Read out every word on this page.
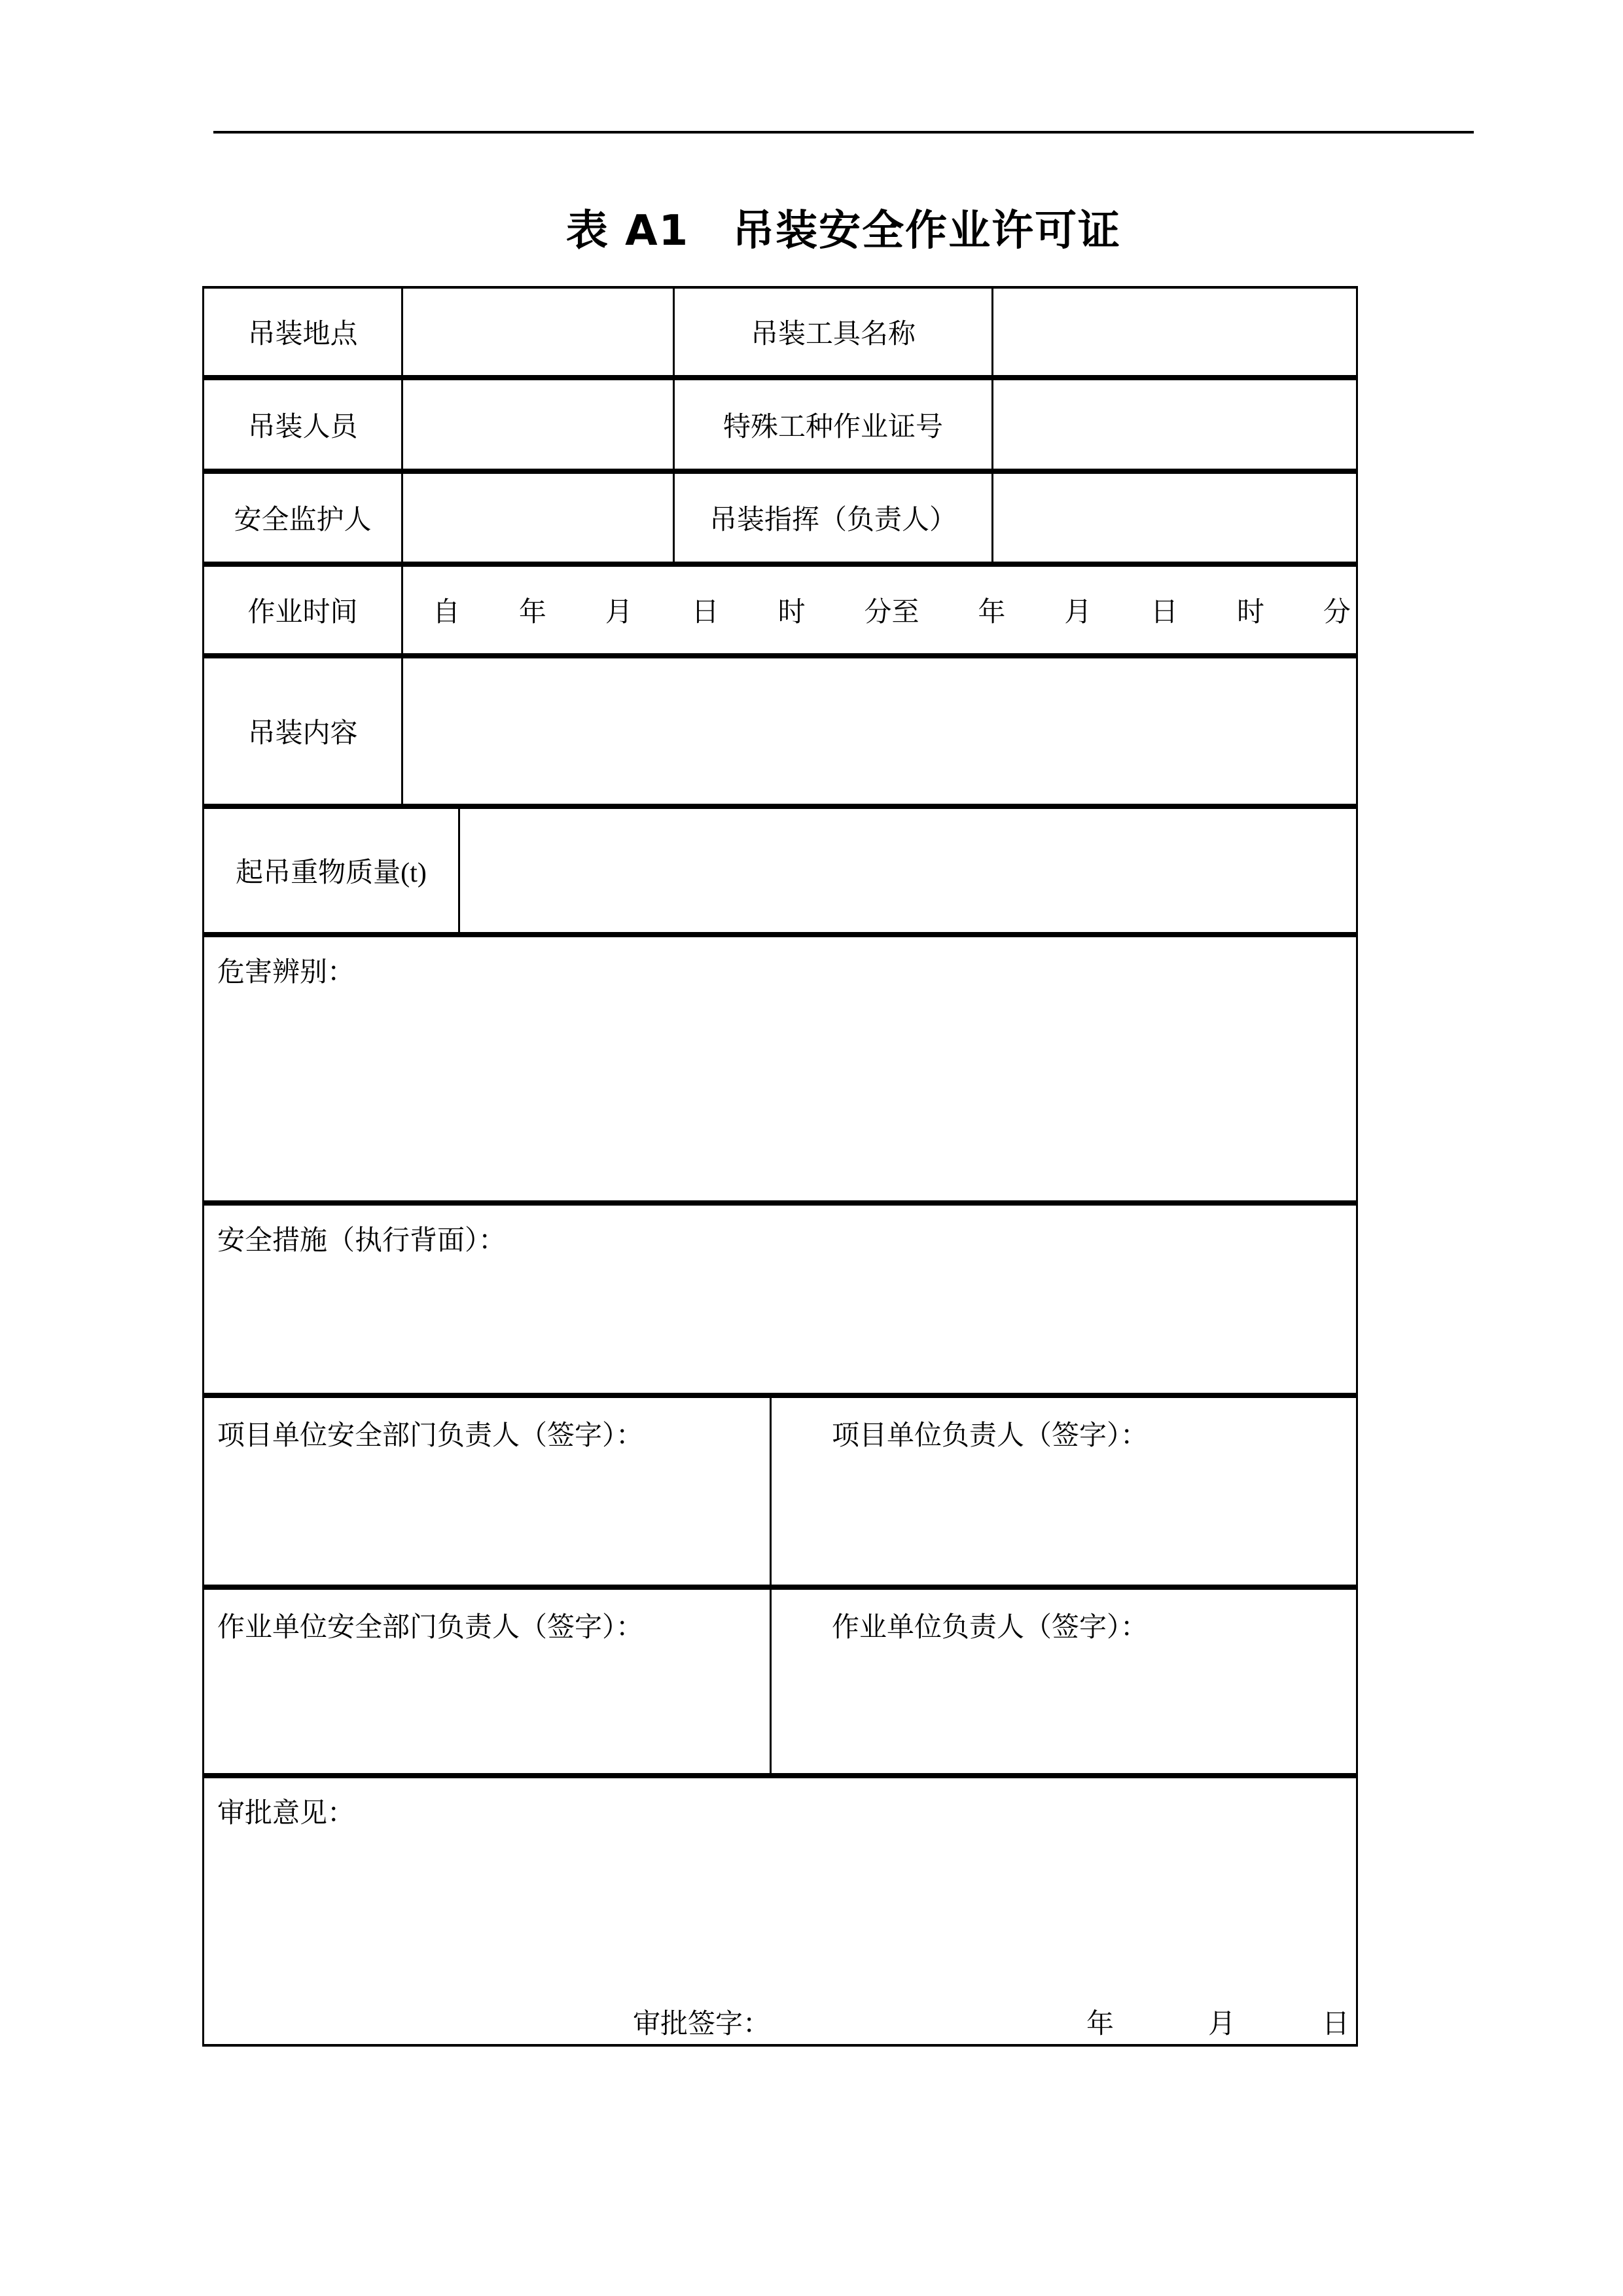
表 A1　吊装安全作业许可证
吊装地点	吊装工具名称
吊装人员	特殊工种作业证号
安全监护人	吊装指挥（负责人）
作业时间	自 年 月 日 时 分至 年 月 日 时 分
吊装内容
起吊重物质量(t)
危害辨别：
安全措施（执行背面）：
项目单位安全部门负责人（签字）：	项目单位负责人（签字）：
作业单位安全部门负责人（签字）：	作业单位负责人（签字）：
审批意见：
审批签字：	年	月	日
